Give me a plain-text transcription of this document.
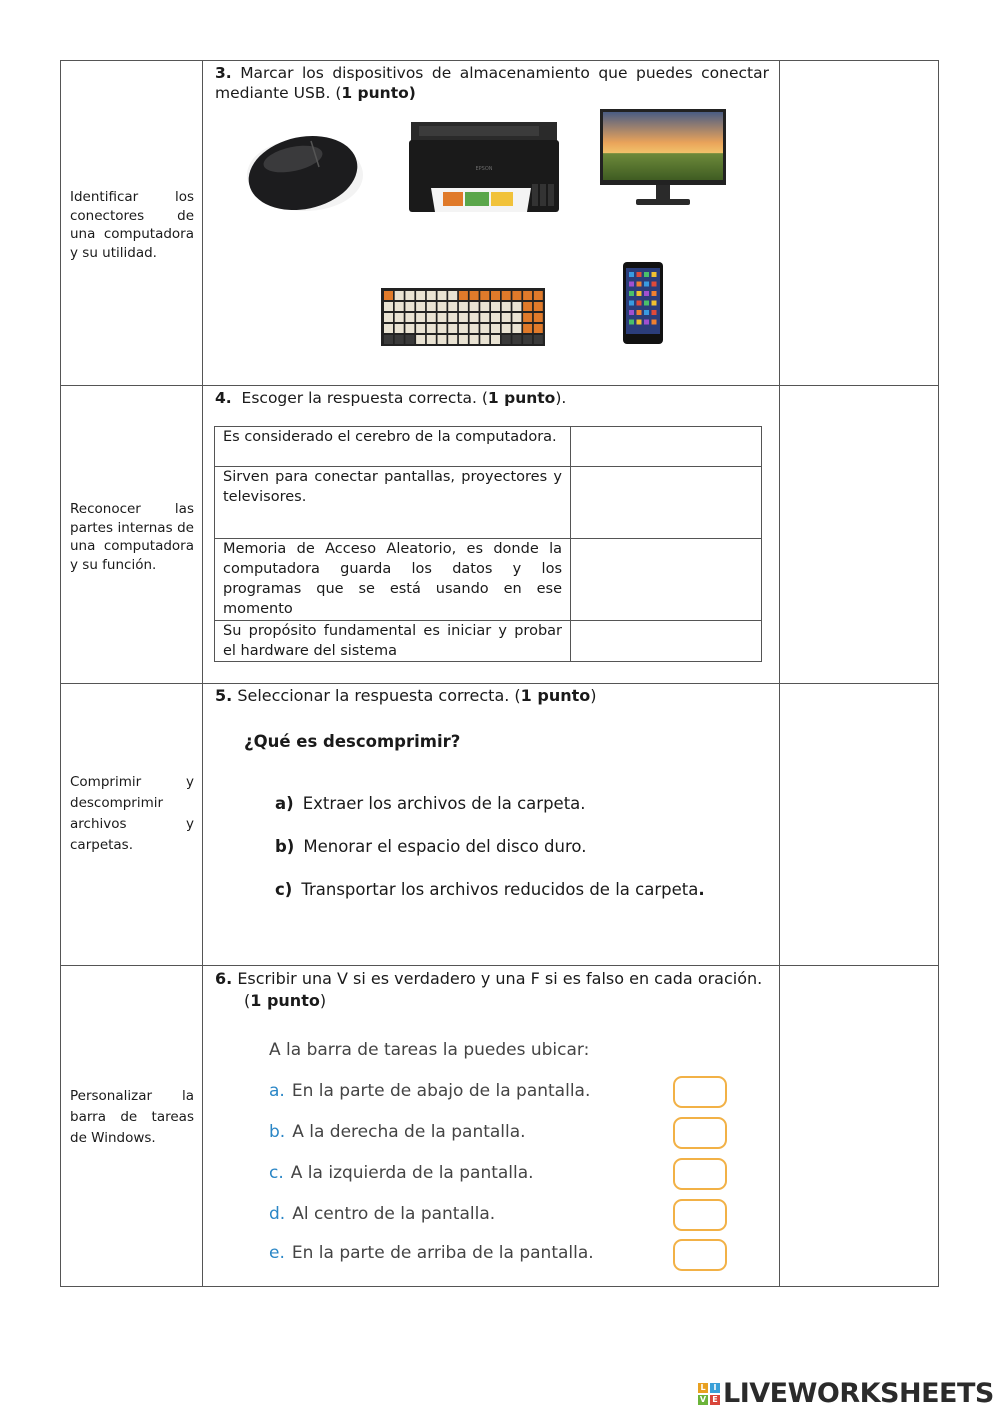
Identificar los conectores de una computadora y su utilidad.

3. Marcar los dispositivos de almacenamiento que puedes conectar mediante USB. (1 punto)
EPSON

Reconocer las partes internas de una computadora y su función.

4. Escoger la respuesta correcta. (1 punto).
Es considerado el cerebro de la computadora.	
Sirven para conectar pantallas, proyectores y televisores.	
Memoria de Acceso Aleatorio, es donde la computadora guarda los datos y los programas que se está usando en ese momento	
Su propósito fundamental es iniciar y probar el hardware del sistema	

Comprimir y descomprimir archivos y carpetas.

5. Seleccionar la respuesta correcta. (1 punto)
¿Qué es descomprimir?
a) Extraer los archivos de la carpeta.
b) Menorar el espacio del disco duro.
c) Transportar los archivos reducidos de la carpeta.

Personalizar la barra de tareas de Windows.

6. Escribir una V si es verdadero y una F si es falso en cada oración.
(1 punto)
A la barra de tareas la puedes ubicar:
a. En la parte de abajo de la pantalla.
b. A la derecha de la pantalla.
c. A la izquierda de la pantalla.
d. Al centro de la pantalla.
e. En la parte de arriba de la pantalla.

L I
V E LIVEWORKSHEETS
